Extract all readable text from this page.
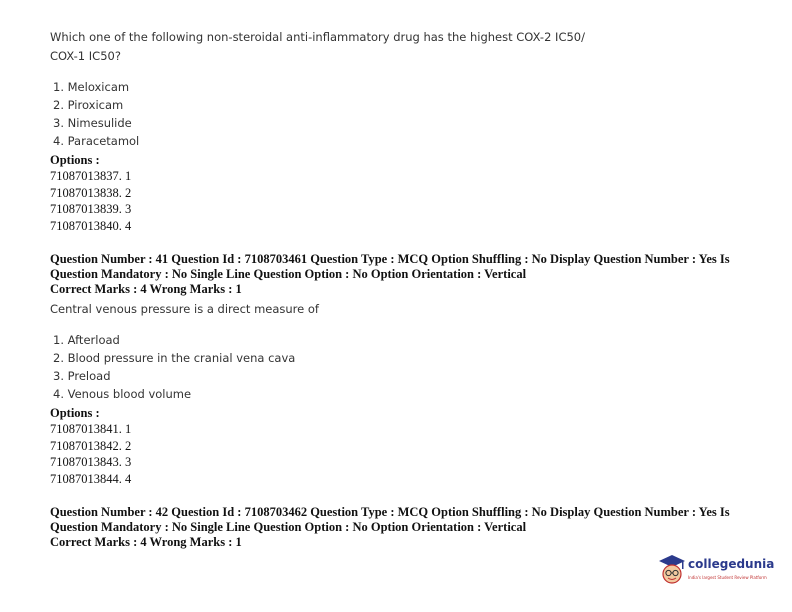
Which one of the following non-steroidal anti-inflammatory drug has the highest COX-2 IC50/
COX-1 IC50?
1. Meloxicam
2. Piroxicam
3. Nimesulide
4. Paracetamol
Options :
71087013837. 1
71087013838. 2
71087013839. 3
71087013840. 4
Question Number : 41 Question Id : 7108703461 Question Type : MCQ Option Shuffling : No Display Question Number : Yes Is
Question Mandatory : No Single Line Question Option : No Option Orientation : Vertical
Correct Marks : 4 Wrong Marks : 1
Central venous pressure is a direct measure of
1. Afterload
2. Blood pressure in the cranial vena cava
3. Preload
4. Venous blood volume
Options :
71087013841. 1
71087013842. 2
71087013843. 3
71087013844. 4
Question Number : 42 Question Id : 7108703462 Question Type : MCQ Option Shuffling : No Display Question Number : Yes Is
Question Mandatory : No Single Line Question Option : No Option Orientation : Vertical
Correct Marks : 4 Wrong Marks : 1
collegedunia
India's largest Student Review Platform
